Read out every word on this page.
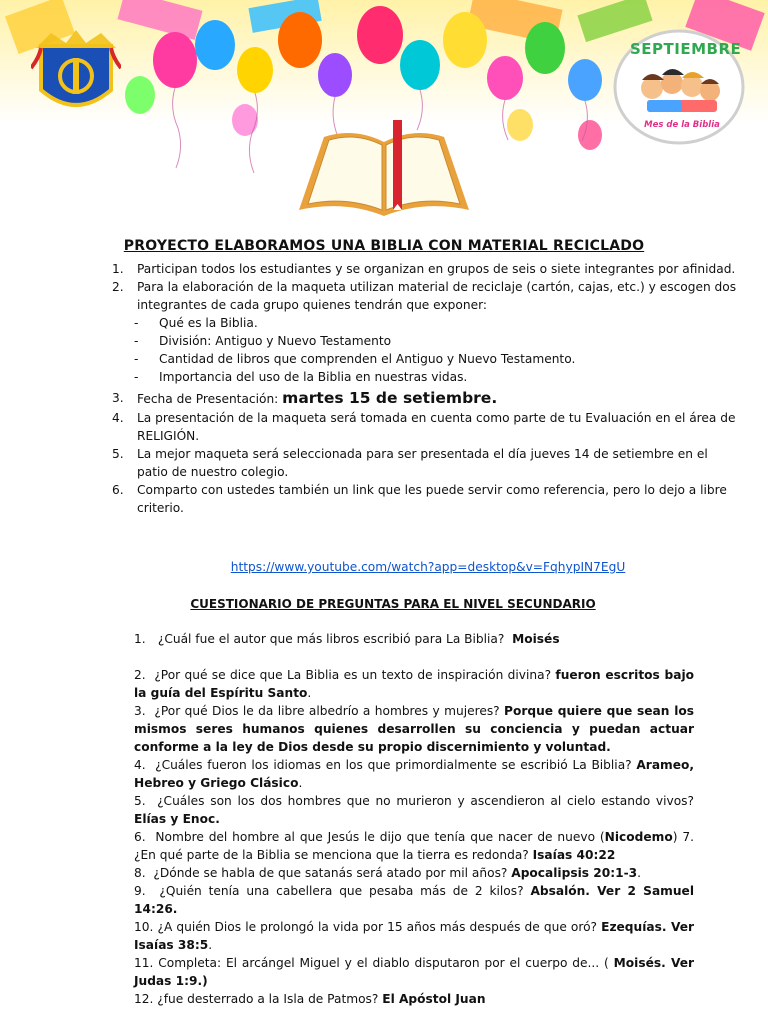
SEPTIEMBRE
Mes de la Biblia
PROYECTO ELABORAMOS UNA BIBLIA CON MATERIAL RECICLADO
1. Participan todos los estudiantes y se organizan en grupos de seis o siete integrantes por afinidad.
2. Para la elaboración de la maqueta utilizan material de reciclaje (cartón, cajas, etc.) y escogen dos integrantes de cada grupo quienes tendrán que exponer:
- Qué es la Biblia.
- División: Antiguo y Nuevo Testamento
- Cantidad de libros que comprenden el Antiguo y Nuevo Testamento.
- Importancia del uso de la Biblia en nuestras vidas.
3. Fecha de Presentación: martes 15 de setiembre.
4. La presentación de la maqueta será tomada en cuenta como parte de tu Evaluación en el área de RELIGIÓN.
5. La mejor maqueta será seleccionada para ser presentada el día jueves 14 de setiembre en el patio de nuestro colegio.
6. Comparto con ustedes también un link que les puede servir como referencia, pero lo dejo a libre criterio.
https://www.youtube.com/watch?app=desktop&v=FqhypIN7EgU
CUESTIONARIO DE PREGUNTAS PARA EL NIVEL SECUNDARIO

1. ¿Cuál fue el autor que más libros escribió para La Biblia? Moisés

2. ¿Por qué se dice que La Biblia es un texto de inspiración divina? fueron escritos bajo la guía del Espíritu Santo.

3. ¿Por qué Dios le da libre albedrío a hombres y mujeres? Porque quiere que sean los mismos seres humanos quienes desarrollen su conciencia y puedan actuar conforme a la ley de Dios desde su propio discernimiento y voluntad.

4. ¿Cuáles fueron los idiomas en los que primordialmente se escribió La Biblia? Arameo, Hebreo y Griego Clásico.

5. ¿Cuáles son los dos hombres que no murieron y ascendieron al cielo estando vivos? Elías y Enoc.

6. Nombre del hombre al que Jesús le dijo que tenía que nacer de nuevo (Nicodemo) 7. ¿En qué parte de la Biblia se menciona que la tierra es redonda? Isaías 40:22

8. ¿Dónde se habla de que satanás será atado por mil años? Apocalipsis 20:1-3.

9. ¿Quién tenía una cabellera que pesaba más de 2 kilos? Absalón. Ver 2 Samuel 14:26.

10. ¿A quién Dios le prolongó la vida por 15 años más después de que oró? Ezequías. Ver Isaías 38:5.

11. Completa: El arcángel Miguel y el diablo disputaron por el cuerpo de... ( Moisés. Ver Judas 1:9.)

12. ¿fue desterrado a la Isla de Patmos? El Apóstol Juan
